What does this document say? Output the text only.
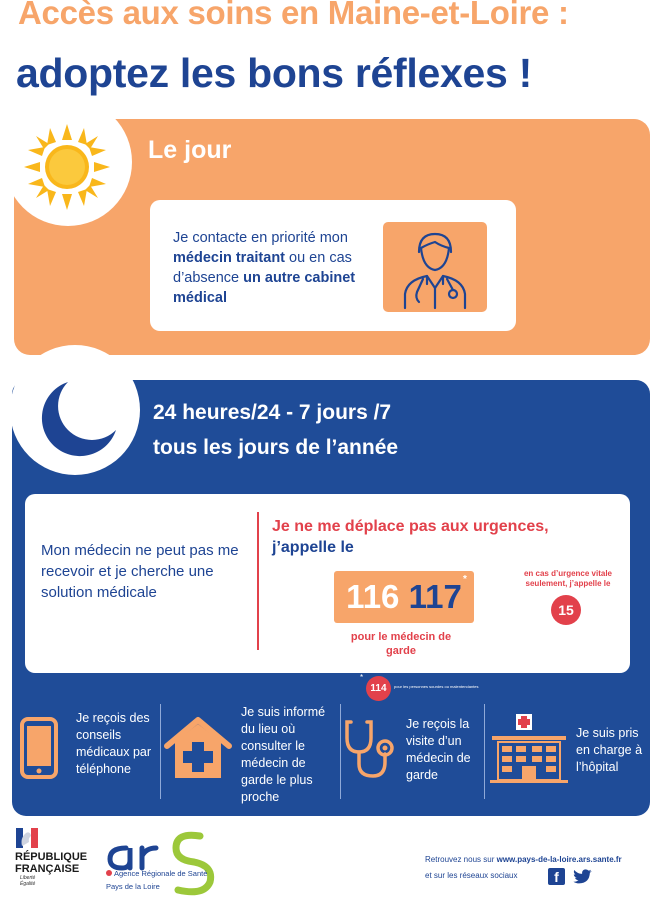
Accès aux soins en Maine-et-Loire :
adoptez les bons réflexes !
Le jour
Je contacte en priorité mon médecin traitant ou en cas d’absence un autre cabinet médical
24 heures/24 - 7 jours /7
tous les jours de l’année
Mon médecin ne peut pas me recevoir et je cherche une solution médicale
Je ne me déplace pas aux urgences,
j’appelle le
116 117 *
pour le médecin de garde
en cas d’urgence vitale seulement, j’appelle le
15
*
*
114	pour les personnes sourdes ou malentendantes
Je reçois des conseils médicaux par téléphone
Je suis informé du lieu où consulter le médecin de garde le plus proche
Je reçois la visite d’un médecin de garde
Je suis pris en charge à l’hôpital
RÉPUBLIQUE
FRANÇAISE
Liberté
Égalité
Agence Régionale de Santé
Pays de la Loire
Retrouvez nous sur www.pays-de-la-loire.ars.sante.fr
et sur les réseaux sociaux	f
